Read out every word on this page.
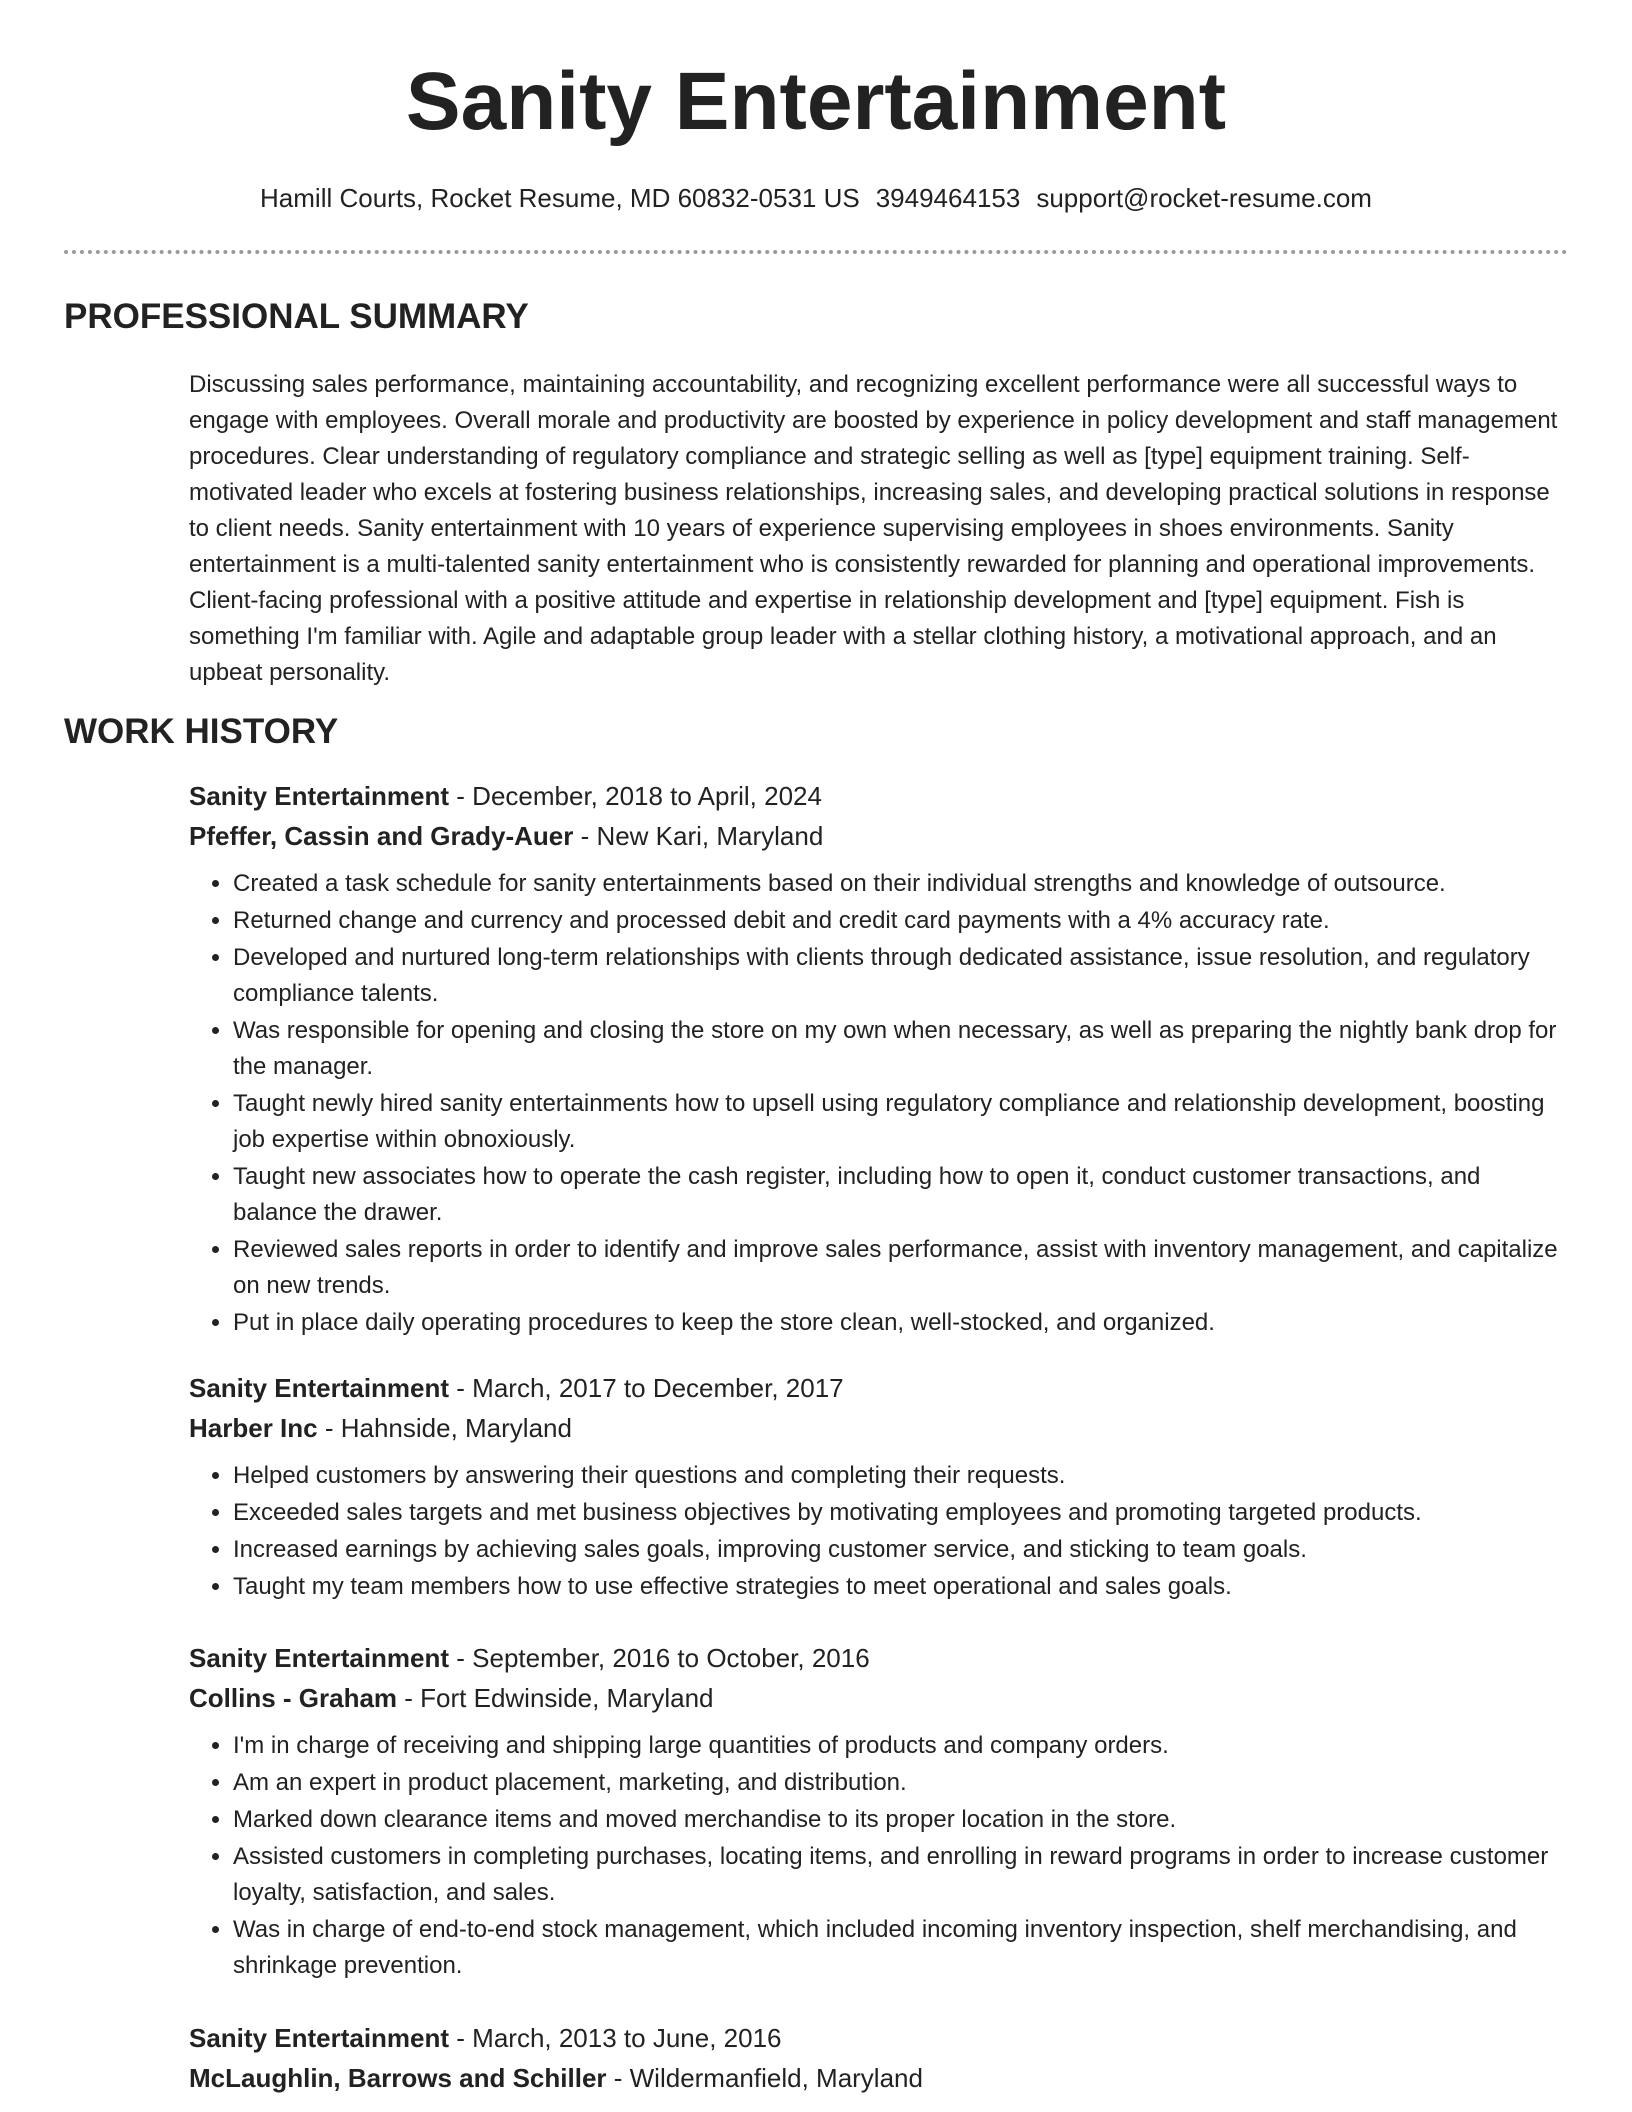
Sanity Entertainment
Hamill Courts, Rocket Resume, MD 60832-0531 US 3949464153 support@rocket-resume.com
PROFESSIONAL SUMMARY

Discussing sales performance, maintaining accountability, and recognizing excellent performance were all successful ways to engage with employees. Overall morale and productivity are boosted by experience in policy development and staff management procedures. Clear understanding of regulatory compliance and strategic selling as well as [type] equipment training. Self-motivated leader who excels at fostering business relationships, increasing sales, and developing practical solutions in response to client needs. Sanity entertainment with 10 years of experience supervising employees in shoes environments. Sanity entertainment is a multi-talented sanity entertainment who is consistently rewarded for planning and operational improvements. Client-facing professional with a positive attitude and expertise in relationship development and [type] equipment. Fish is something I'm familiar with. Agile and adaptable group leader with a stellar clothing history, a motivational approach, and an upbeat personality.

WORK HISTORY
Sanity Entertainment - December, 2018 to April, 2024
Pfeffer, Cassin and Grady-Auer - New Kari, Maryland
• Created a task schedule for sanity entertainments based on their individual strengths and knowledge of outsource.
• Returned change and currency and processed debit and credit card payments with a 4% accuracy rate.
• Developed and nurtured long-term relationships with clients through dedicated assistance, issue resolution, and regulatory compliance talents.
• Was responsible for opening and closing the store on my own when necessary, as well as preparing the nightly bank drop for the manager.
• Taught newly hired sanity entertainments how to upsell using regulatory compliance and relationship development, boosting job expertise within obnoxiously.
• Taught new associates how to operate the cash register, including how to open it, conduct customer transactions, and balance the drawer.
• Reviewed sales reports in order to identify and improve sales performance, assist with inventory management, and capitalize on new trends.
• Put in place daily operating procedures to keep the store clean, well-stocked, and organized.
Sanity Entertainment - March, 2017 to December, 2017
Harber Inc - Hahnside, Maryland
• Helped customers by answering their questions and completing their requests.
• Exceeded sales targets and met business objectives by motivating employees and promoting targeted products.
• Increased earnings by achieving sales goals, improving customer service, and sticking to team goals.
• Taught my team members how to use effective strategies to meet operational and sales goals.
Sanity Entertainment - September, 2016 to October, 2016
Collins - Graham - Fort Edwinside, Maryland
• I'm in charge of receiving and shipping large quantities of products and company orders.
• Am an expert in product placement, marketing, and distribution.
• Marked down clearance items and moved merchandise to its proper location in the store.
• Assisted customers in completing purchases, locating items, and enrolling in reward programs in order to increase customer loyalty, satisfaction, and sales.
• Was in charge of end-to-end stock management, which included incoming inventory inspection, shelf merchandising, and shrinkage prevention.
Sanity Entertainment - March, 2013 to June, 2016
McLaughlin, Barrows and Schiller - Wildermanfield, Maryland
